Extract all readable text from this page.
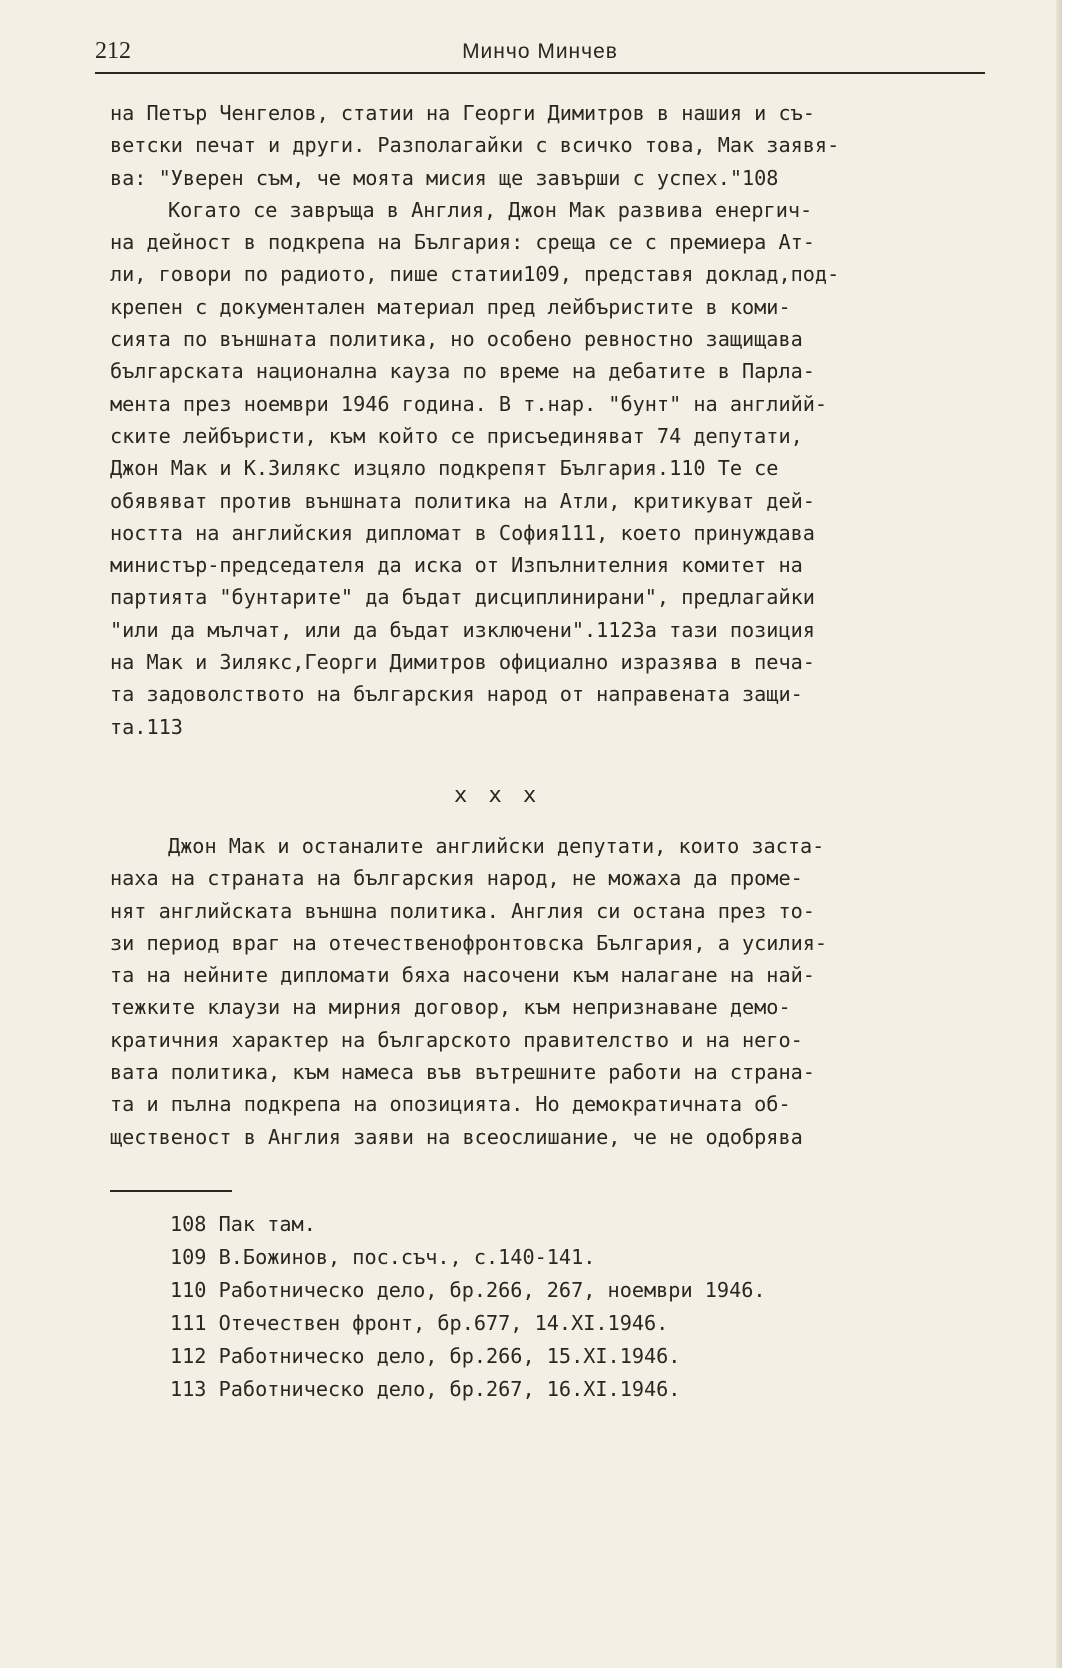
212	Минчо Минчев
на Петър Ченгелов, статии на Георги Димитров в нашия и съ-
ветски печат и други. Разполагайки с всичко това, Мак заявя-
ва: "Уверен съм, че моята мисия ще завърши с успех."108
Когато се завръща в Англия, Джон Мак развива енергич-
на дейност в подкрепа на България: среща се с премиера Ат-
ли, говори по радиото, пише статии109, представя доклад,под-
крепен с документален материал пред лейбъристите в коми-
сията по външната политика, но особено ревностно защищава
българската национална кауза по време на дебатите в Парла-
мента през ноември 1946 година. В т.нар. "бунт" на английй-
ските лейбъристи, към който се присъединяват 74 депутати,
Джон Мак и К.Зилякс изцяло подкрепят България.110 Те се
обявяват против външната политика на Атли, критикуват дей-
ността на английския дипломат в София111, което принуждава
министър-председателя да иска от Изпълнителния комитет на
партията "бунтарите" да бъдат дисциплинирани", предлагайки
"или да мълчат, или да бъдат изключени".112За тази позиция
на Мак и Зилякс,Георги Димитров официално изразява в печа-
та задоволството на българския народ от направената защи-
та.113
x x x
Джон Мак и останалите английски депутати, които заста-
наха на страната на българския народ, не можаха да проме-
нят английската външна политика. Англия си остана през то-
зи период враг на отечественофронтовска България, а усилия-
та на нейните дипломати бяха насочени към налагане на най-
тежките клаузи на мирния договор, към непризнаване демо-
кратичния характер на българското правителство и на него-
вата политика, към намеса във вътрешните работи на страна-
та и пълна подкрепа на опозицията. Но демократичната об-
щественост в Англия заяви на всеослишание, че не одобрява
108 Пак там.
109 В.Божинов, пос.съч., с.140-141.
110 Работническо дело, бр.266, 267, ноември 1946.
111 Отечествен фронт, бр.677, 14.XI.1946.
112 Работническо дело, бр.266, 15.XI.1946.
113 Работническо дело, бр.267, 16.XI.1946.
